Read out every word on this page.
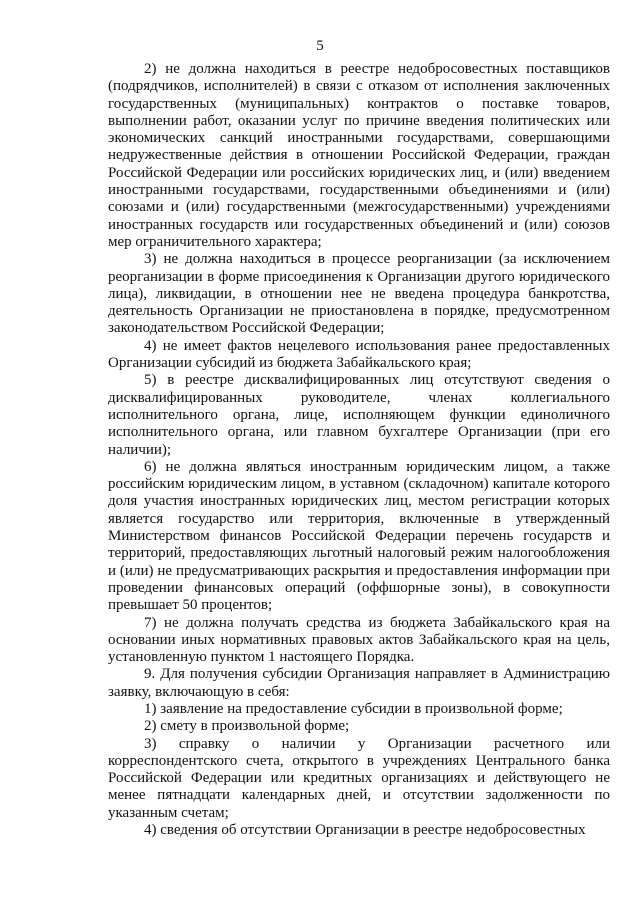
5

2) не должна находиться в реестре недобросовестных поставщиков (подрядчиков, исполнителей) в связи с отказом от исполнения заключенных государственных (муниципальных) контрактов о поставке товаров, выполнении работ, оказании услуг по причине введения политических или экономических санкций иностранными государствами, совершающими недружественные действия в отношении Российской Федерации, граждан Российской Федерации или российских юридических лиц, и (или) введением иностранными государствами, государственными объединениями и (или) союзами и (или) государственными (межгосударственными) учреждениями иностранных государств или государственных объединений и (или) союзов мер ограничительного характера;

3) не должна находиться в процессе реорганизации (за исключением реорганизации в форме присоединения к Организации другого юридического лица), ликвидации, в отношении нее не введена процедура банкротства, деятельность Организации не приостановлена в порядке, предусмотренном законодательством Российской Федерации;

4) не имеет фактов нецелевого использования ранее предоставленных Организации субсидий из бюджета Забайкальского края;

5) в реестре дисквалифицированных лиц отсутствуют сведения о дисквалифицированных руководителе, членах коллегиального исполнительного органа, лице, исполняющем функции единоличного исполнительного органа, или главном бухгалтере Организации (при его наличии);

6) не должна являться иностранным юридическим лицом, а также российским юридическим лицом, в уставном (складочном) капитале которого доля участия иностранных юридических лиц, местом регистрации которых является государство или территория, включенные в утвержденный Министерством финансов Российской Федерации перечень государств и территорий, предоставляющих льготный налоговый режим налогообложения и (или) не предусматривающих раскрытия и предоставления информации при проведении финансовых операций (оффшорные зоны), в совокупности превышает 50 процентов;

7) не должна получать средства из бюджета Забайкальского края на основании иных нормативных правовых актов Забайкальского края на цель, установленную пунктом 1 настоящего Порядка.

9. Для получения субсидии Организация направляет в Администрацию заявку, включающую в себя:

1) заявление на предоставление субсидии в произвольной форме;

2) смету в произвольной форме;

3) справку о наличии у Организации расчетного или корреспондентского счета, открытого в учреждениях Центрального банка Российской Федерации или кредитных организациях и действующего не менее пятнадцати календарных дней, и отсутствии задолженности по указанным счетам;

4) сведения об отсутствии Организации в реестре недобросовестных
